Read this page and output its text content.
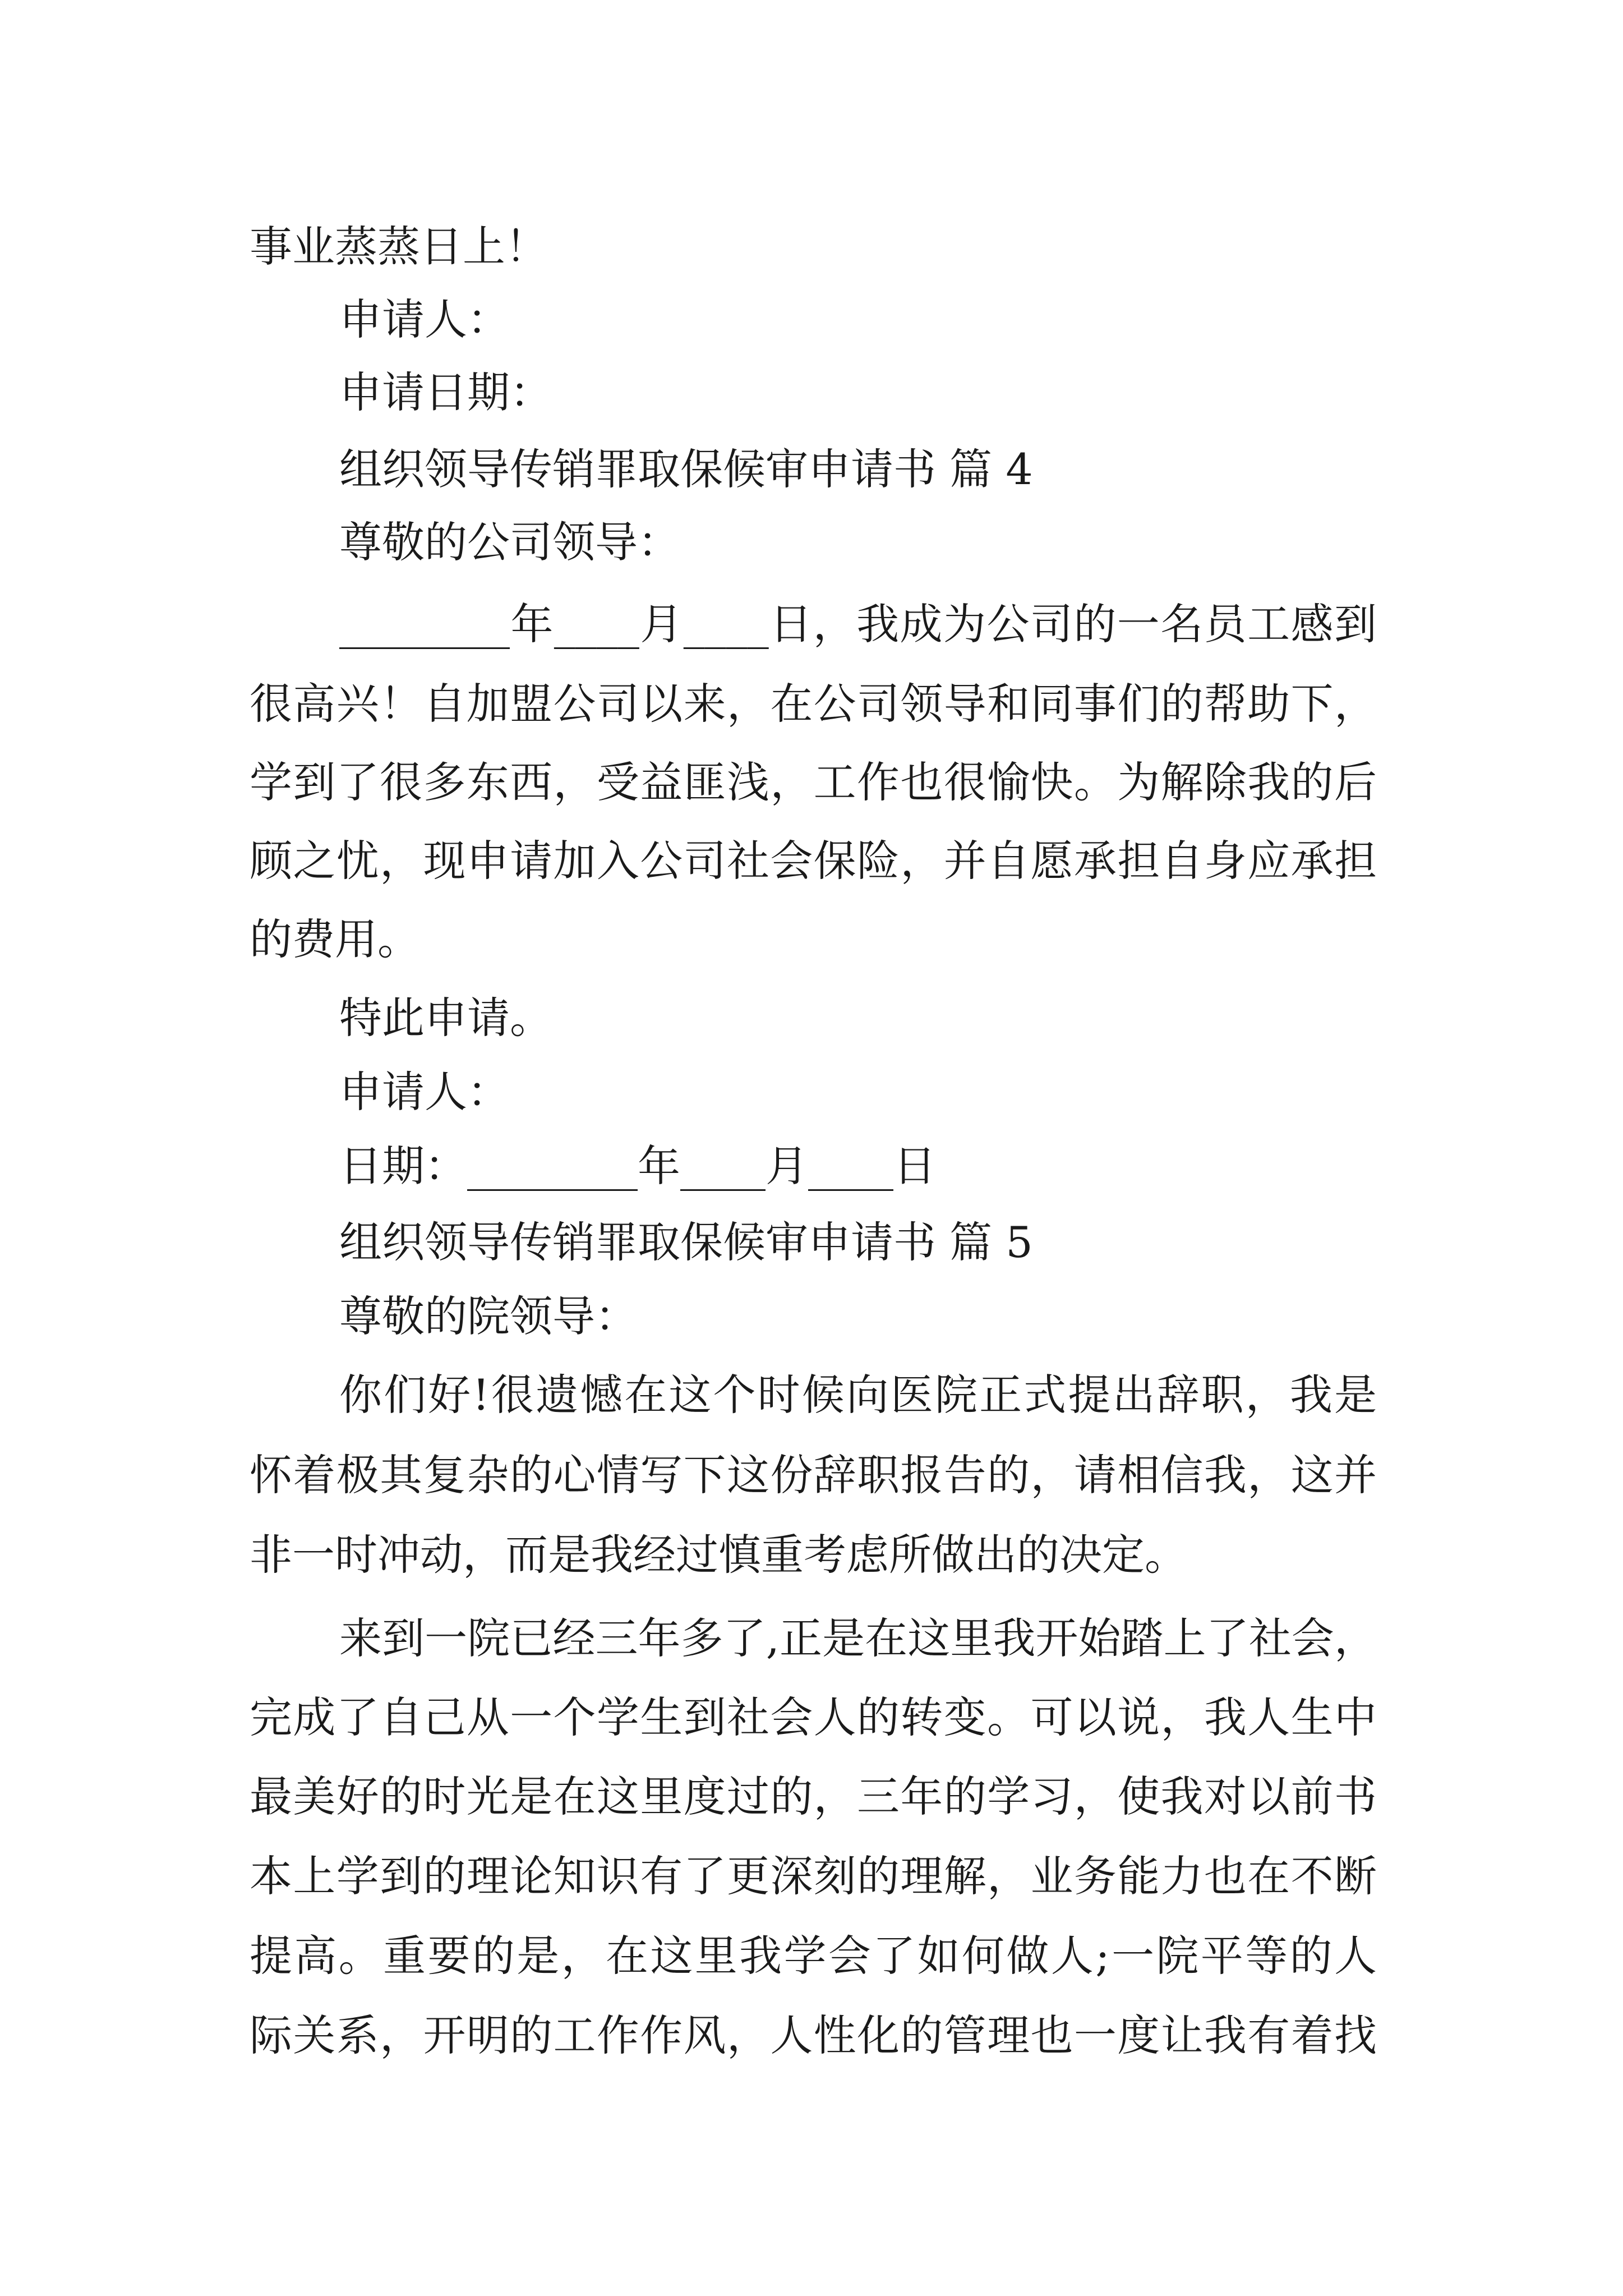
事业蒸蒸日上！
申请人：
申请日期：
组织领导传销罪取保候审申请书 篇 4
尊敬的公司领导：
________年____月____日，我成为公司的一名员工感到
很高兴！自加盟公司以来，在公司领导和同事们的帮助下，
学到了很多东西，受益匪浅，工作也很愉快。为解除我的后
顾之忧，现申请加入公司社会保险，并自愿承担自身应承担
的费用。
特此申请。
申请人：
日期：________年____月____日
组织领导传销罪取保候审申请书 篇 5
尊敬的院领导：
你们好!很遗憾在这个时候向医院正式提出辞职，我是
怀着极其复杂的心情写下这份辞职报告的，请相信我，这并
非一时冲动，而是我经过慎重考虑所做出的决定。
来到一院已经三年多了,正是在这里我开始踏上了社会，
完成了自己从一个学生到社会人的转变。可以说，我人生中
最美好的时光是在这里度过的，三年的学习，使我对以前书
本上学到的理论知识有了更深刻的理解，业务能力也在不断
提高。重要的是，在这里我学会了如何做人;一院平等的人
际关系，开明的工作作风，人性化的管理也一度让我有着找
